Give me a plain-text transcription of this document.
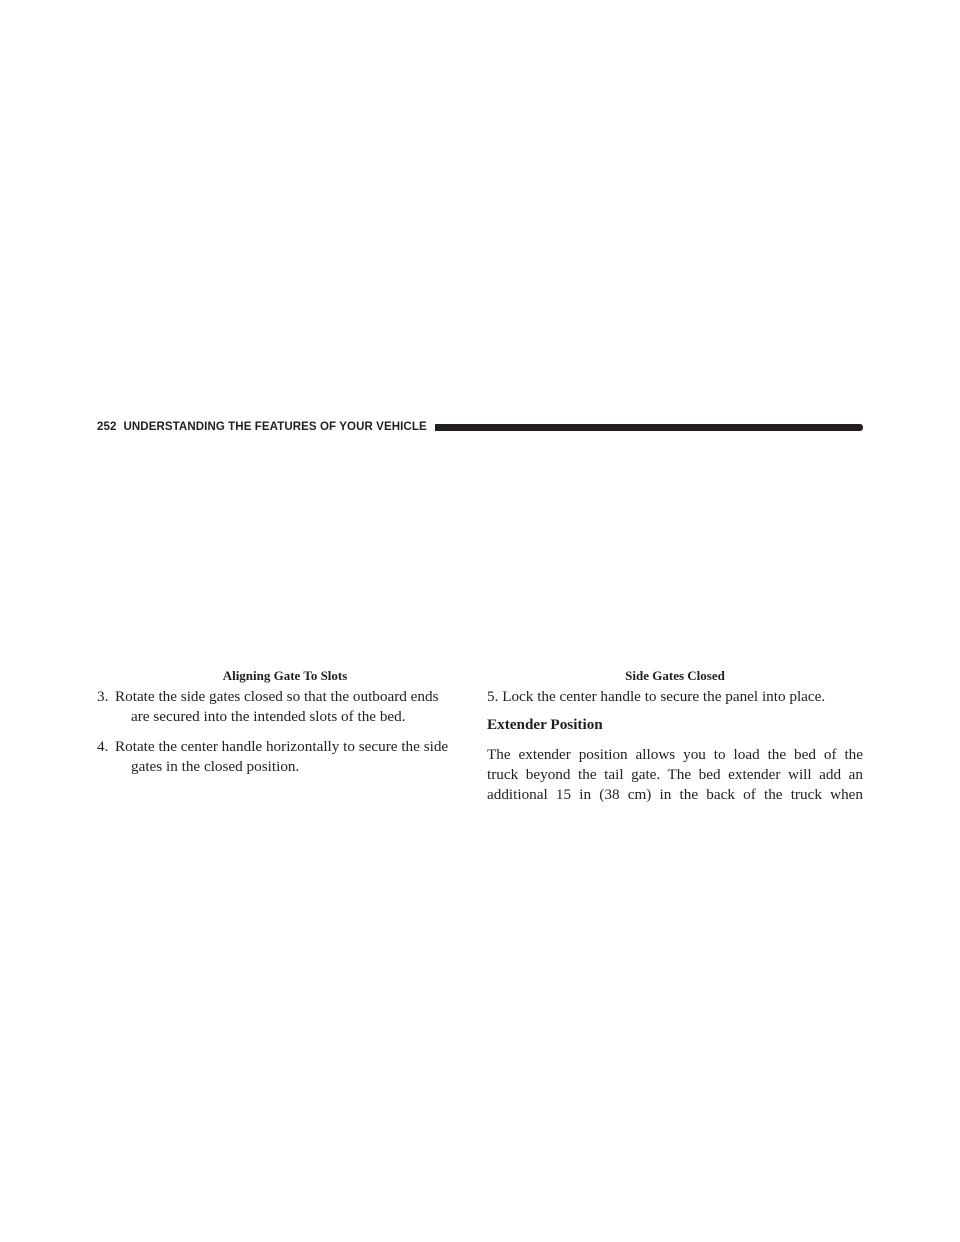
252 UNDERSTANDING THE FEATURES OF YOUR VEHICLE
Aligning Gate To Slots	Side Gates Closed
3. Rotate the side gates closed so that the outboard ends
are secured into the intended slots of the bed.
4. Rotate the center handle horizontally to secure the side
gates in the closed position.
5. Lock the center handle to secure the panel into place.
Extender Position
The extender position allows you to load the bed of the
truck beyond the tail gate. The bed extender will add an
additional 15 in (38 cm) in the back of the truck when
